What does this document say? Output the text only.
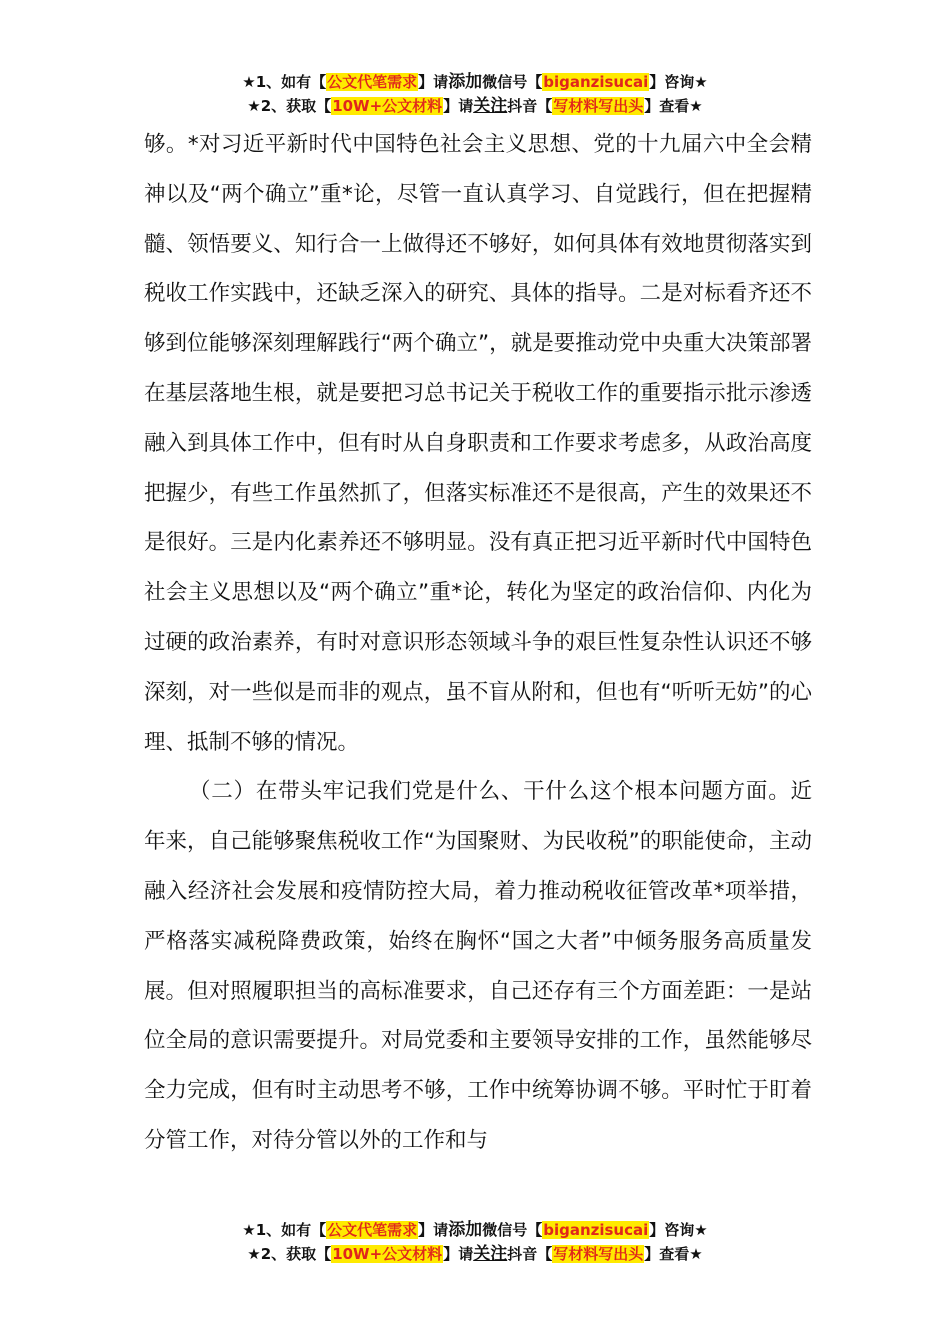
★1、如有【公文代笔需求】请添加微信号【biganzisucai】咨询★
★2、获取【10W+公文材料】请关注抖音【写材料写出头】查看★

够。*对习近平新时代中国特色社会主义思想、党的十九届六中全会精神以及“两个确立”重*论，尽管一直认真学习、自觉践行，但在把握精髓、领悟要义、知行合一上做得还不够好，如何具体有效地贯彻落实到税收工作实践中，还缺乏深入的研究、具体的指导。二是对标看齐还不够到位能够深刻理解践行“两个确立”，就是要推动党中央重大决策部署在基层落地生根，就是要把习总书记关于税收工作的重要指示批示渗透融入到具体工作中，但有时从自身职责和工作要求考虑多，从政治高度把握少，有些工作虽然抓了，但落实标准还不是很高，产生的效果还不是很好。三是内化素养还不够明显。没有真正把习近平新时代中国特色社会主义思想以及“两个确立”重*论，转化为坚定的政治信仰、内化为过硬的政治素养，有时对意识形态领域斗争的艰巨性复杂性认识还不够深刻，对一些似是而非的观点，虽不盲从附和，但也有“听听无妨”的心理、抵制不够的情况。

（二）在带头牢记我们党是什么、干什么这个根本问题方面。近年来，自己能够聚焦税收工作“为国聚财、为民收税”的职能使命，主动融入经济社会发展和疫情防控大局，着力推动税收征管改革*项举措，严格落实减税降费政策，始终在胸怀“国之大者”中倾务服务高质量发展。但对照履职担当的高标准要求，自己还存有三个方面差距：一是站位全局的意识需要提升。对局党委和主要领导安排的工作，虽然能够尽全力完成，但有时主动思考不够，工作中统筹协调不够。平时忙于盯着分管工作，对待分管以外的工作和与

★1、如有【公文代笔需求】请添加微信号【biganzisucai】咨询★
★2、获取【10W+公文材料】请关注抖音【写材料写出头】查看★
